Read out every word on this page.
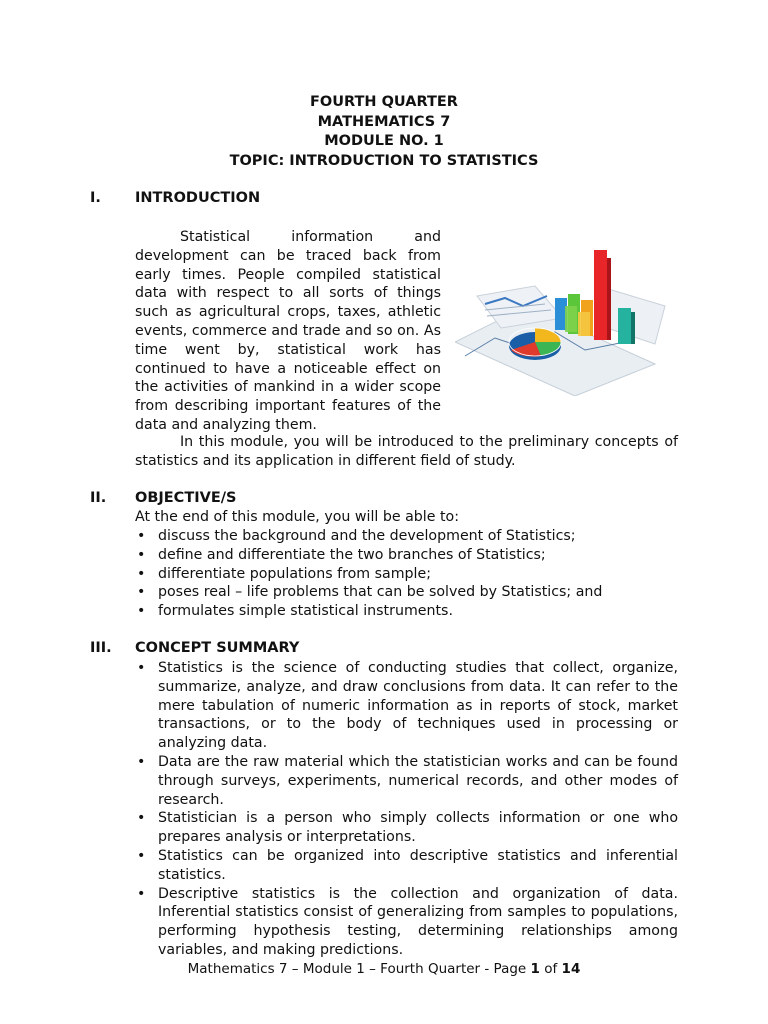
FOURTH QUARTER
MATHEMATICS 7
MODULE NO. 1
TOPIC: INTRODUCTION TO STATISTICS
I. INTRODUCTION

Statistical information and development can be traced back from early times. People compiled statistical data with respect to all sorts of things such as agricultural crops, taxes, athletic events, commerce and trade and so on. As time went by, statistical work has continued to have a noticeable effect on the activities of mankind in a wider scope from describing important features of the data and analyzing them.

In this module, you will be introduced to the preliminary concepts of statistics and its application in different field of study.

II. OBJECTIVE/S

At the end of this module, you will be able to:

• discuss the background and the development of Statistics;
• define and differentiate the two branches of Statistics;
• differentiate populations from sample;
• poses real – life problems that can be solved by Statistics; and
• formulates simple statistical instruments.
III. CONCEPT SUMMARY
• Statistics is the science of conducting studies that collect, organize, summarize, analyze, and draw conclusions from data. It can refer to the mere tabulation of numeric information as in reports of stock, market transactions, or to the body of techniques used in processing or analyzing data.
• Data are the raw material which the statistician works and can be found through surveys, experiments, numerical records, and other modes of research.
• Statistician is a person who simply collects information or one who prepares analysis or interpretations.
• Statistics can be organized into descriptive statistics and inferential statistics.
• Descriptive statistics is the collection and organization of data. Inferential statistics consist of generalizing from samples to populations, performing hypothesis testing, determining relationships among variables, and making predictions.
Mathematics 7 – Module 1 – Fourth Quarter - Page 1 of 14
